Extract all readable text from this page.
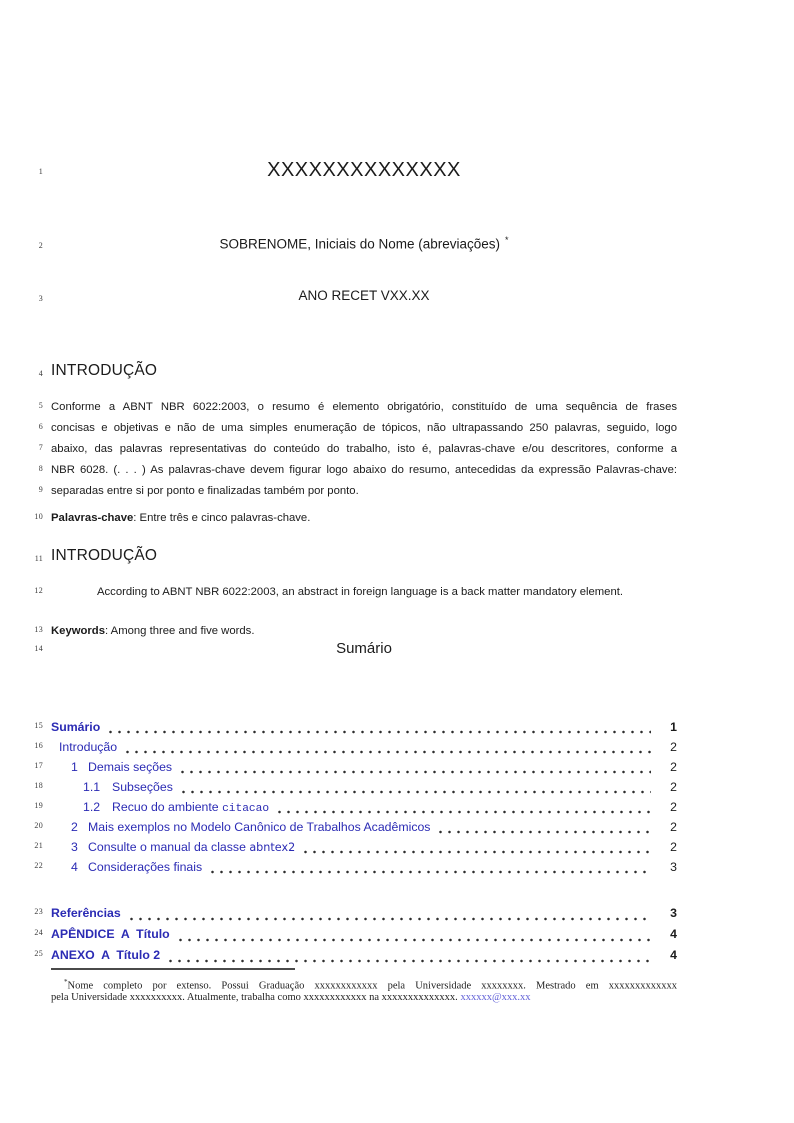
1
2
3
4
5
6
7
8
9
10
11
12
13
14
15
16
17
18
19
20
21
22
23
24
25
XXXXXXXXXXXXXX
SOBRENOME, Iniciais do Nome (abreviações) *
ANO RECET VXX.XX
INTRODUÇÃO
Conforme a ABNT NBR 6022:2003, o resumo é elemento obrigatório, constituído de uma sequência de frases
concisas e objetivas e não de uma simples enumeração de tópicos, não ultrapassando 250 palavras, seguido, logo
abaixo, das palavras representativas do conteúdo do trabalho, isto é, palavras-chave e/ou descritores, conforme a
NBR 6028. (. . . ) As palavras-chave devem figurar logo abaixo do resumo, antecedidas da expressão Palavras-chave:
separadas entre si por ponto e finalizadas também por ponto.
Palavras-chave: Entre três e cinco palavras-chave.
INTRODUÇÃO
According to ABNT NBR 6022:2003, an abstract in foreign language is a back matter mandatory element.
Keywords: Among three and five words.
Sumário
Sumário	1
Introdução	2
1 Demais seções	2
1.1 Subseções	2
1.2 Recuo do ambiente citacao	2
2 Mais exemplos no Modelo Canônico de Trabalhos Acadêmicos	2
3 Consulte o manual da classe abntex2	2
4 Considerações finais	3
Referências	3
APÊNDICE  A  Título	4
ANEXO  A  Título 2	4
*Nome completo por extenso. Possui Graduação xxxxxxxxxxxx pela Universidade xxxxxxxx. Mestrado em xxxxxxxxxxxxx
pela Universidade xxxxxxxxxx. Atualmente, trabalha como xxxxxxxxxxxx na xxxxxxxxxxxxxx. xxxxxx@xxx.xx
